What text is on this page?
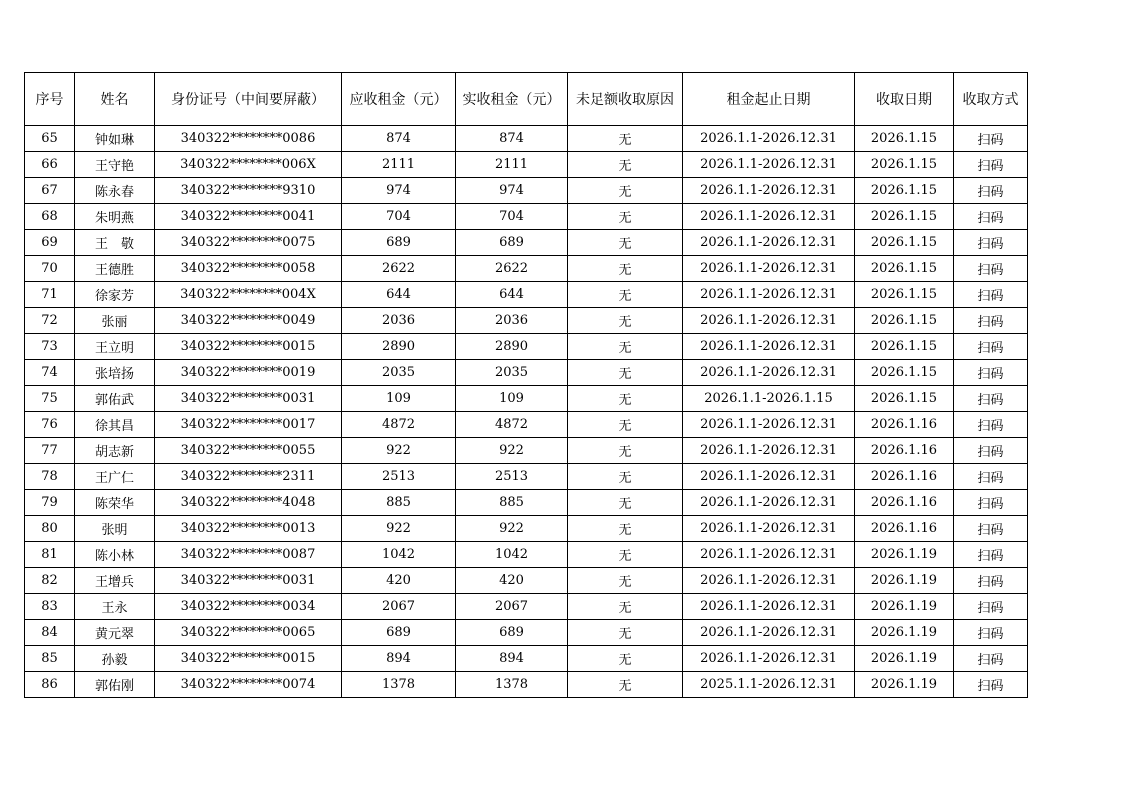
序号	姓名	身份证号（中间要屏蔽）	应收租金（元）	实收租金（元）	未足额收取原因	租金起止日期	收取日期	收取方式
65	钟如琳	340322********0086	874	874	无	2026.1.1-2026.12.31	2026.1.15	扫码
66	王守艳	340322********006X	2111	2111	无	2026.1.1-2026.12.31	2026.1.15	扫码
67	陈永春	340322********9310	974	974	无	2026.1.1-2026.12.31	2026.1.15	扫码
68	朱明燕	340322********0041	704	704	无	2026.1.1-2026.12.31	2026.1.15	扫码
69	王　敬	340322********0075	689	689	无	2026.1.1-2026.12.31	2026.1.15	扫码
70	王德胜	340322********0058	2622	2622	无	2026.1.1-2026.12.31	2026.1.15	扫码
71	徐家芳	340322********004X	644	644	无	2026.1.1-2026.12.31	2026.1.15	扫码
72	张丽	340322********0049	2036	2036	无	2026.1.1-2026.12.31	2026.1.15	扫码
73	王立明	340322********0015	2890	2890	无	2026.1.1-2026.12.31	2026.1.15	扫码
74	张培扬	340322********0019	2035	2035	无	2026.1.1-2026.12.31	2026.1.15	扫码
75	郭佑武	340322********0031	109	109	无	2026.1.1-2026.1.15	2026.1.15	扫码
76	徐其昌	340322********0017	4872	4872	无	2026.1.1-2026.12.31	2026.1.16	扫码
77	胡志新	340322********0055	922	922	无	2026.1.1-2026.12.31	2026.1.16	扫码
78	王广仁	340322********2311	2513	2513	无	2026.1.1-2026.12.31	2026.1.16	扫码
79	陈荣华	340322********4048	885	885	无	2026.1.1-2026.12.31	2026.1.16	扫码
80	张明	340322********0013	922	922	无	2026.1.1-2026.12.31	2026.1.16	扫码
81	陈小林	340322********0087	1042	1042	无	2026.1.1-2026.12.31	2026.1.19	扫码
82	王增兵	340322********0031	420	420	无	2026.1.1-2026.12.31	2026.1.19	扫码
83	王永	340322********0034	2067	2067	无	2026.1.1-2026.12.31	2026.1.19	扫码
84	黄元翠	340322********0065	689	689	无	2026.1.1-2026.12.31	2026.1.19	扫码
85	孙毅	340322********0015	894	894	无	2026.1.1-2026.12.31	2026.1.19	扫码
86	郭佑刚	340322********0074	1378	1378	无	2025.1.1-2026.12.31	2026.1.19	扫码
